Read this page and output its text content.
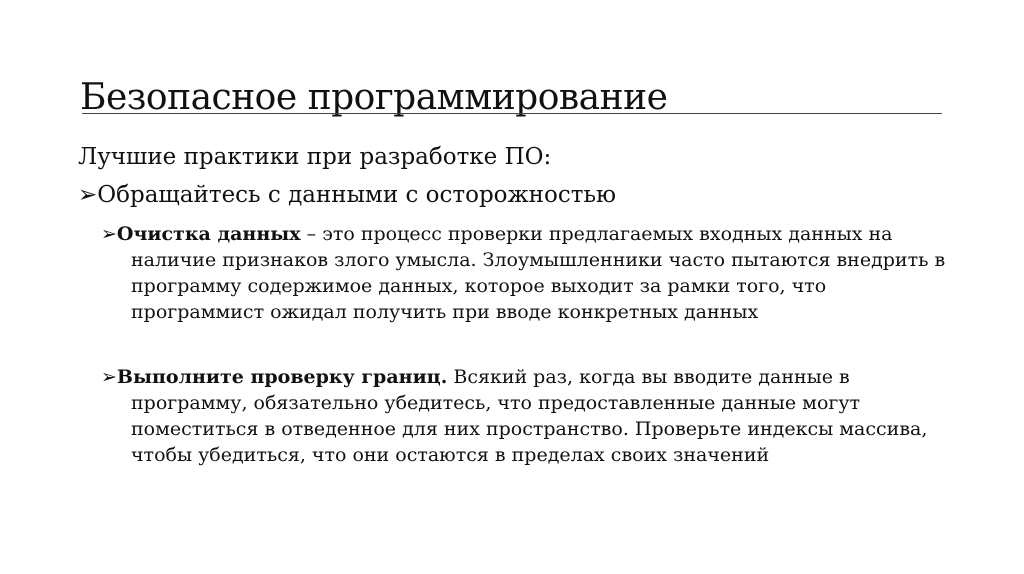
Безопасное программирование
Лучшие практики при разработке ПО:
➢Обращайтесь с данными с осторожностью
➢Очистка данных – это процесс проверки предлагаемых входных данных на наличие признаков злого умысла. Злоумышленники часто пытаются внедрить в программу содержимое данных, которое выходит за рамки того, что программист ожидал получить при вводе конкретных данных
➢Выполните проверку границ. Всякий раз, когда вы вводите данные в программу, обязательно убедитесь, что предоставленные данные могут поместиться в отведенное для них пространство. Проверьте индексы массива, чтобы убедиться, что они остаются в пределах своих значений
